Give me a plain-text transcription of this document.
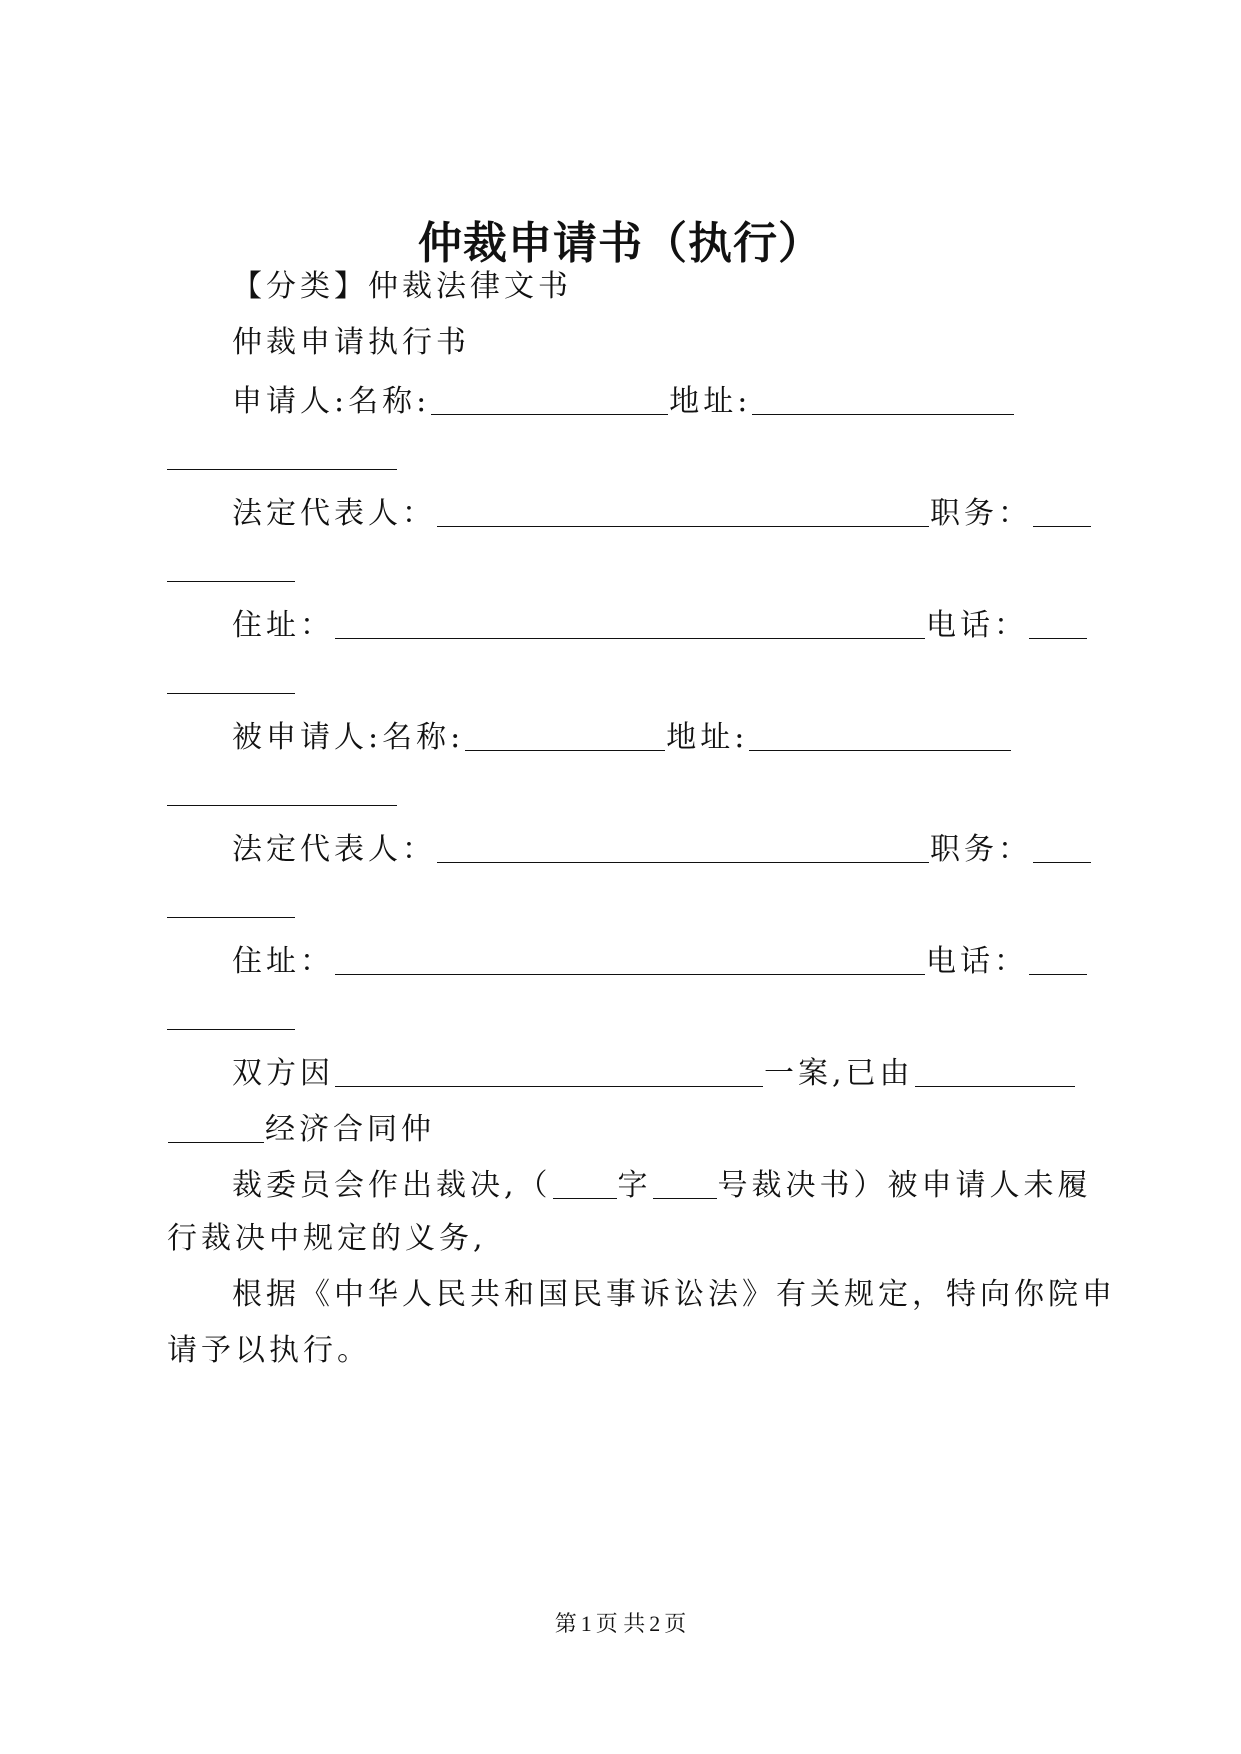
仲裁申请书（执行）
【分类】仲裁法律文书
仲裁申请执行书
申请人:名称:	地址:
法定代表人：	职务：
住址：	电话：
被申请人:名称:	地址:
法定代表人：	职务：
住址：	电话：
双方因	一案,已由
经济合同仲
裁委员会作出裁决,（ 字 号裁决书）被申请人未履
行裁决中规定的义务,
根据《中华人民共和国民事诉讼法》有关规定，特向你院申
请予以执行。
第 1 页 共 2 页
